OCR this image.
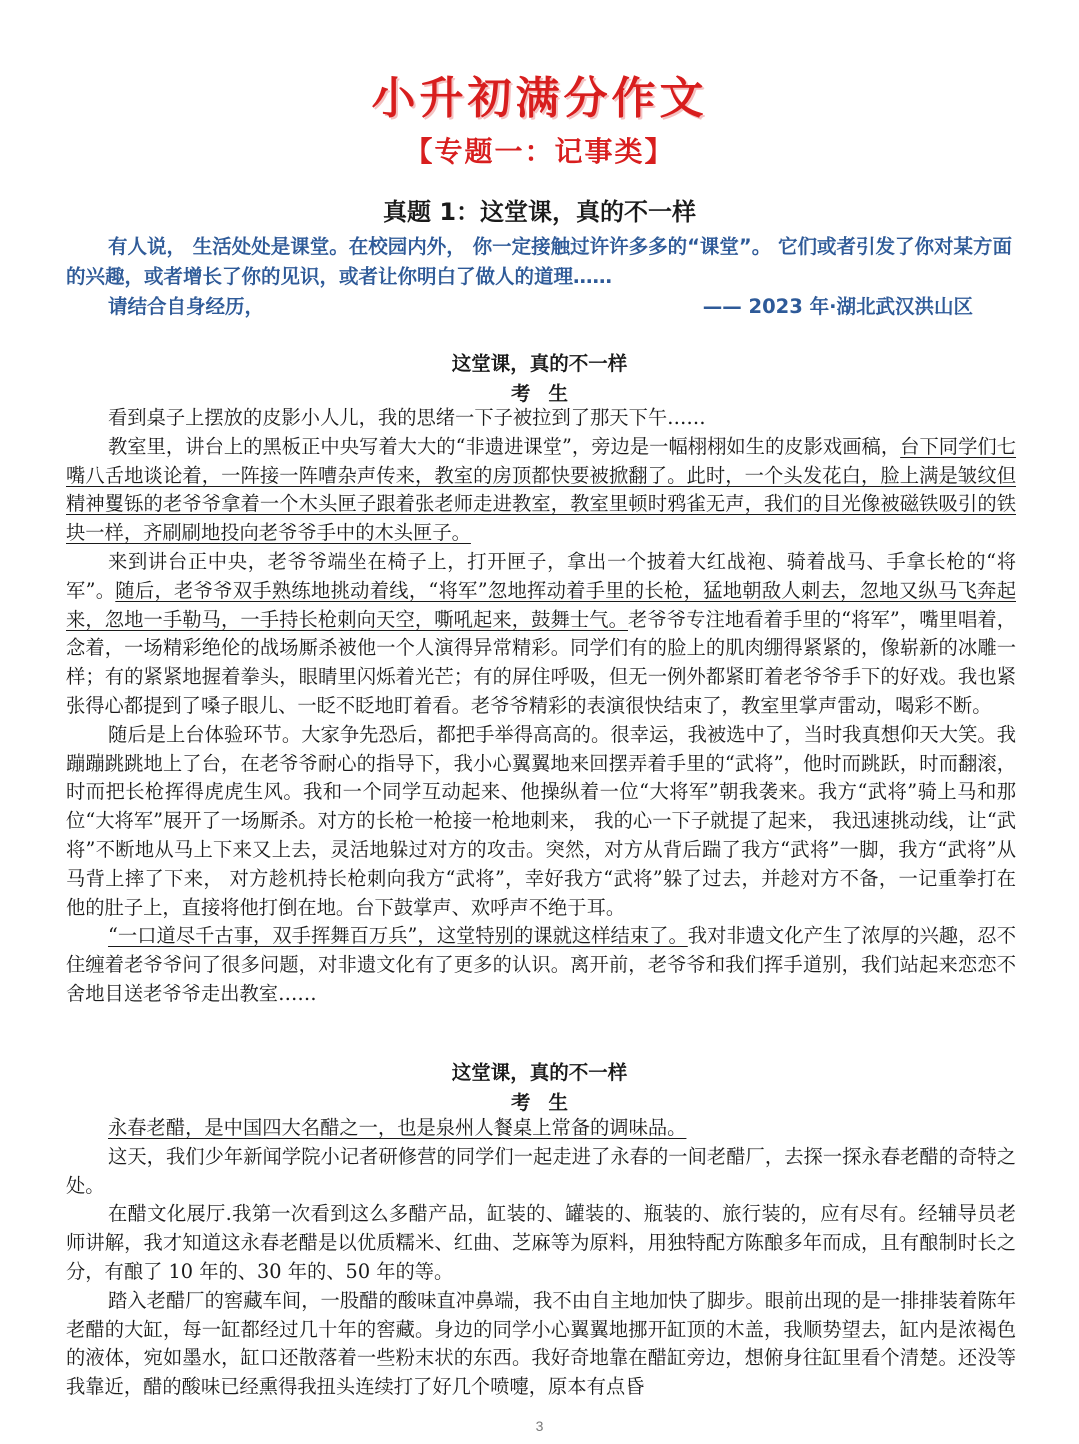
小升初满分作文
【专题一：记事类】
真题 1：这堂课，真的不一样
有人说， 生活处处是课堂。在校园内外， 你一定接触过许许多多的“课堂”。 它们或者引发了你对某方面的兴趣，或者增长了你的见识，或者让你明白了做人的道理……
请结合自身经历，	—— 2023 年·湖北武汉洪山区
这堂课，真的不一样
考生

看到桌子上摆放的皮影小人儿，我的思绪一下子被拉到了那天下午……

教室里，讲台上的黑板正中央写着大大的“非遗进课堂”，旁边是一幅栩栩如生的皮影戏画稿，台下同学们七嘴八舌地谈论着，一阵接一阵嘈杂声传来，教室的房顶都快要被掀翻了。此时，一个头发花白，脸上满是皱纹但精神矍铄的老爷爷拿着一个木头匣子跟着张老师走进教室，教室里顿时鸦雀无声，我们的目光像被磁铁吸引的铁块一样，齐刷刷地投向老爷爷手中的木头匣子。

来到讲台正中央，老爷爷端坐在椅子上，打开匣子，拿出一个披着大红战袍、骑着战马、手拿长枪的“将军”。随后，老爷爷双手熟练地挑动着线，“将军”忽地挥动着手里的长枪，猛地朝敌人刺去，忽地又纵马飞奔起来，忽地一手勒马，一手持长枪刺向天空，嘶吼起来，鼓舞士气。老爷爷专注地看着手里的“将军”，嘴里唱着，念着，一场精彩绝伦的战场厮杀被他一个人演得异常精彩。同学们有的脸上的肌肉绷得紧紧的，像崭新的冰雕一样；有的紧紧地握着拳头，眼睛里闪烁着光芒；有的屏住呼吸，但无一例外都紧盯着老爷爷手下的好戏。我也紧张得心都提到了嗓子眼儿、一眨不眨地盯着看。老爷爷精彩的表演很快结束了，教室里掌声雷动，喝彩不断。

随后是上台体验环节。大家争先恐后，都把手举得高高的。很幸运，我被选中了，当时我真想仰天大笑。我蹦蹦跳跳地上了台，在老爷爷耐心的指导下，我小心翼翼地来回摆弄着手里的“武将”，他时而跳跃，时而翻滚， 时而把长枪挥得虎虎生风。我和一个同学互动起来、他操纵着一位“大将军”朝我袭来。我方“武将”骑上马和那位“大将军”展开了一场厮杀。对方的长枪一枪接一枪地刺来， 我的心一下子就提了起来， 我迅速挑动线，让“武将”不断地从马上下来又上去，灵活地躲过对方的攻击。突然，对方从背后踹了我方“武将”一脚，我方“武将”从马背上摔了下来， 对方趁机持长枪刺向我方“武将”，幸好我方“武将”躲了过去，并趁对方不备，一记重拳打在他的肚子上，直接将他打倒在地。台下鼓掌声、欢呼声不绝于耳。

“一口道尽千古事，双手挥舞百万兵”，这堂特别的课就这样结束了。我对非遗文化产生了浓厚的兴趣，忍不住缠着老爷爷问了很多问题，对非遗文化有了更多的认识。离开前，老爷爷和我们挥手道别，我们站起来恋恋不舍地目送老爷爷走出教室……

这堂课，真的不一样
考生

永春老醋，是中国四大名醋之一，也是泉州人餐桌上常备的调味品。

这天，我们少年新闻学院小记者研修营的同学们一起走进了永春的一间老醋厂，去探一探永春老醋的奇特之处。

在醋文化展厅.我第一次看到这么多醋产品，缸装的、罐装的、瓶装的、旅行装的，应有尽有。经辅导员老师讲解，我才知道这永春老醋是以优质糯米、红曲、芝麻等为原料，用独特配方陈酿多年而成，且有酿制时长之分，有酿了 10 年的、30 年的、50 年的等。

踏入老醋厂的窖藏车间，一股醋的酸味直冲鼻端，我不由自主地加快了脚步。眼前出现的是一排排装着陈年老醋的大缸，每一缸都经过几十年的窖藏。身边的同学小心翼翼地挪开缸顶的木盖，我顺势望去，缸内是浓褐色的液体，宛如墨水，缸口还散落着一些粉末状的东西。我好奇地靠在醋缸旁边，想俯身往缸里看个清楚。还没等我靠近，醋的酸味已经熏得我扭头连续打了好几个喷嚏，原本有点昏

3
